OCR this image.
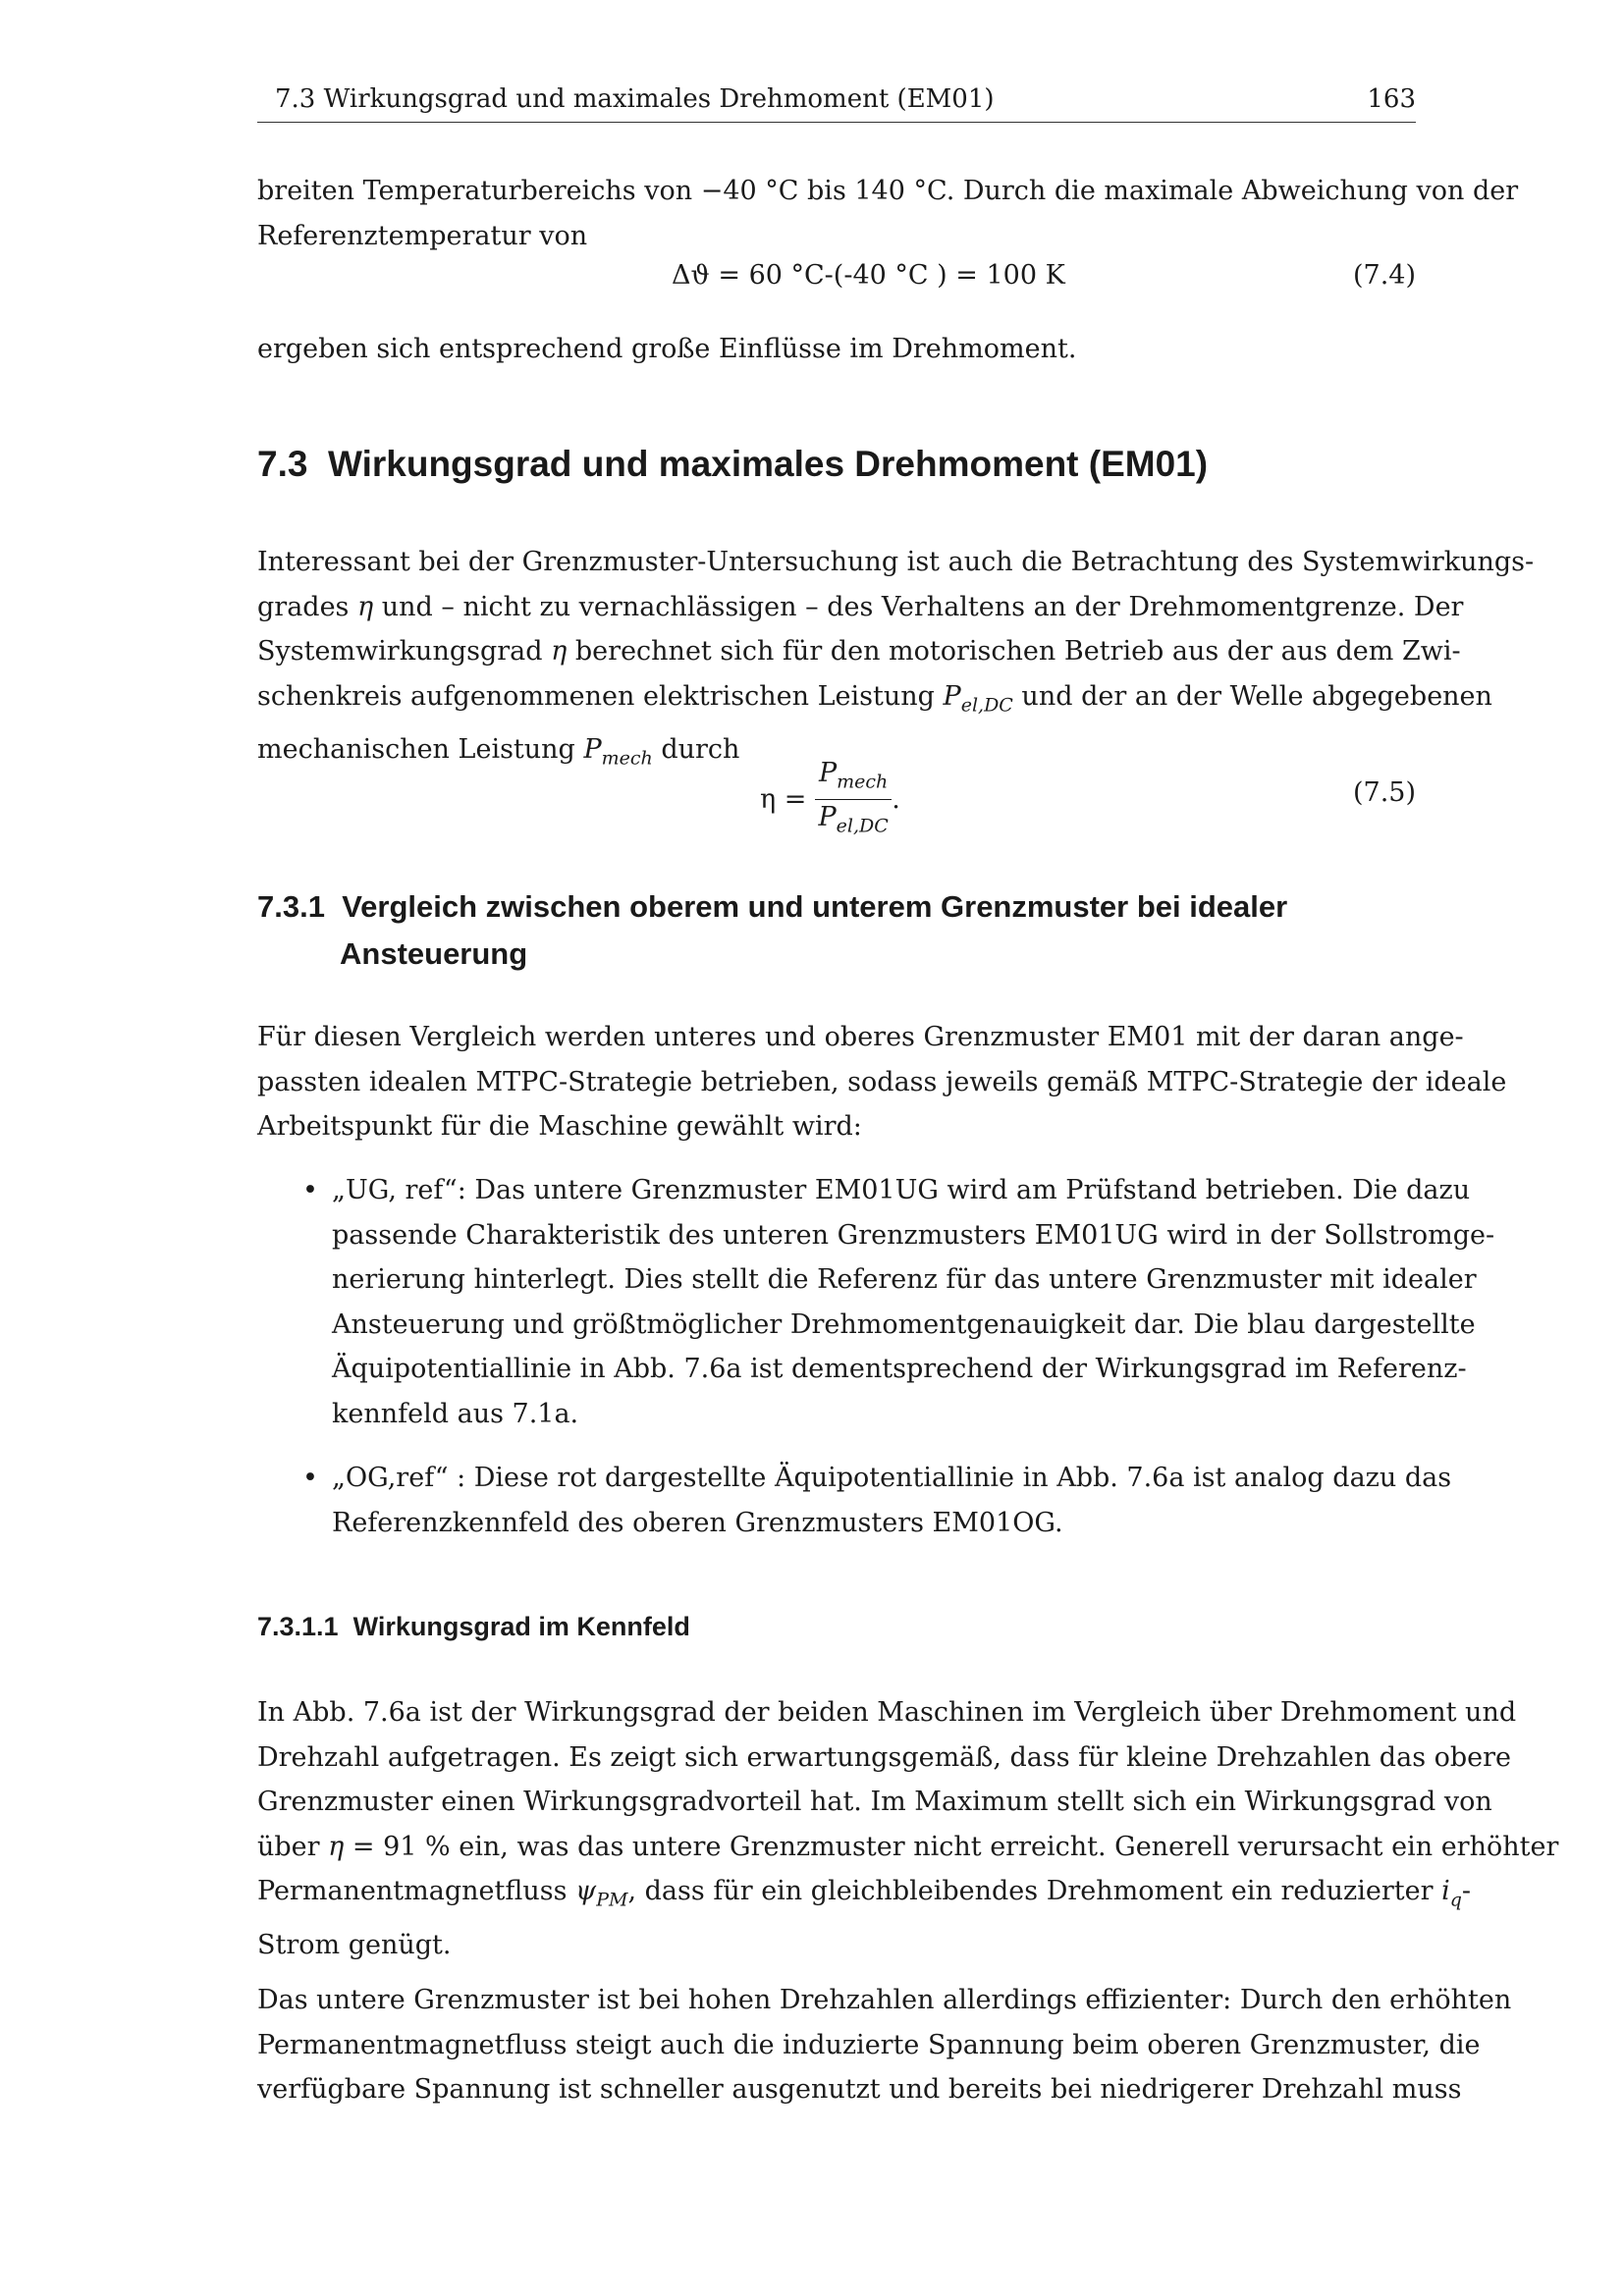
7.3 Wirkungsgrad und maximales Drehmoment (EM01)	163
breiten Temperaturbereichs von −40 °C bis 140 °C. Durch die maximale Abweichung von der
Referenztemperatur von
Δϑ = 60 °C-(-40 °C ) = 100 K	(7.4)
ergeben sich entsprechend große Einflüsse im Drehmoment.
7.3 Wirkungsgrad und maximales Drehmoment (EM01)
Interessant bei der Grenzmuster-Untersuchung ist auch die Betrachtung des Systemwirkungs-
grades η und – nicht zu vernachlässigen – des Verhaltens an der Drehmomentgrenze. Der
Systemwirkungsgrad η berechnet sich für den motorischen Betrieb aus der aus dem Zwi-
schenkreis aufgenommenen elektrischen Leistung $P_{el,DC}$ und der an der Welle abgegebenen
mechanischen Leistung $P_{mech}$ durch
$\eta = \frac{P_{mech}}{P_{el,DC}}$ .	(7.5)
7.3.1 Vergleich zwischen oberem und unterem Grenzmuster bei idealer
Ansteuerung
Für diesen Vergleich werden unteres und oberes Grenzmuster EM01 mit der daran ange-
passten idealen MTPC-Strategie betrieben, sodass jeweils gemäß MTPC-Strategie der ideale
Arbeitspunkt für die Maschine gewählt wird:
• „UG, ref“: Das untere Grenzmuster EM01UG wird am Prüfstand betrieben. Die dazu
passende Charakteristik des unteren Grenzmusters EM01UG wird in der Sollstromge-
nerierung hinterlegt. Dies stellt die Referenz für das untere Grenzmuster mit idealer
Ansteuerung und größtmöglicher Drehmomentgenauigkeit dar. Die blau dargestellte
Äquipotentiallinie in Abb. 7.6a ist dementsprechend der Wirkungsgrad im Referenz-
kennfeld aus 7.1a.
• „OG,ref“ : Diese rot dargestellte Äquipotentiallinie in Abb. 7.6a ist analog dazu das
Referenzkennfeld des oberen Grenzmusters EM01OG.
7.3.1.1 Wirkungsgrad im Kennfeld
In Abb. 7.6a ist der Wirkungsgrad der beiden Maschinen im Vergleich über Drehmoment und
Drehzahl aufgetragen. Es zeigt sich erwartungsgemäß, dass für kleine Drehzahlen das obere
Grenzmuster einen Wirkungsgradvorteil hat. Im Maximum stellt sich ein Wirkungsgrad von
über η = 91 % ein, was das untere Grenzmuster nicht erreicht. Generell verursacht ein erhöhter
Permanentmagnetfluss $\psi_{PM}$, dass für ein gleichbleibendes Drehmoment ein reduzierter $i_q-$
Strom genügt.
Das untere Grenzmuster ist bei hohen Drehzahlen allerdings effizienter: Durch den erhöhten
Permanentmagnetfluss steigt auch die induzierte Spannung beim oberen Grenzmuster, die
verfügbare Spannung ist schneller ausgenutzt und bereits bei niedrigerer Drehzahl muss
